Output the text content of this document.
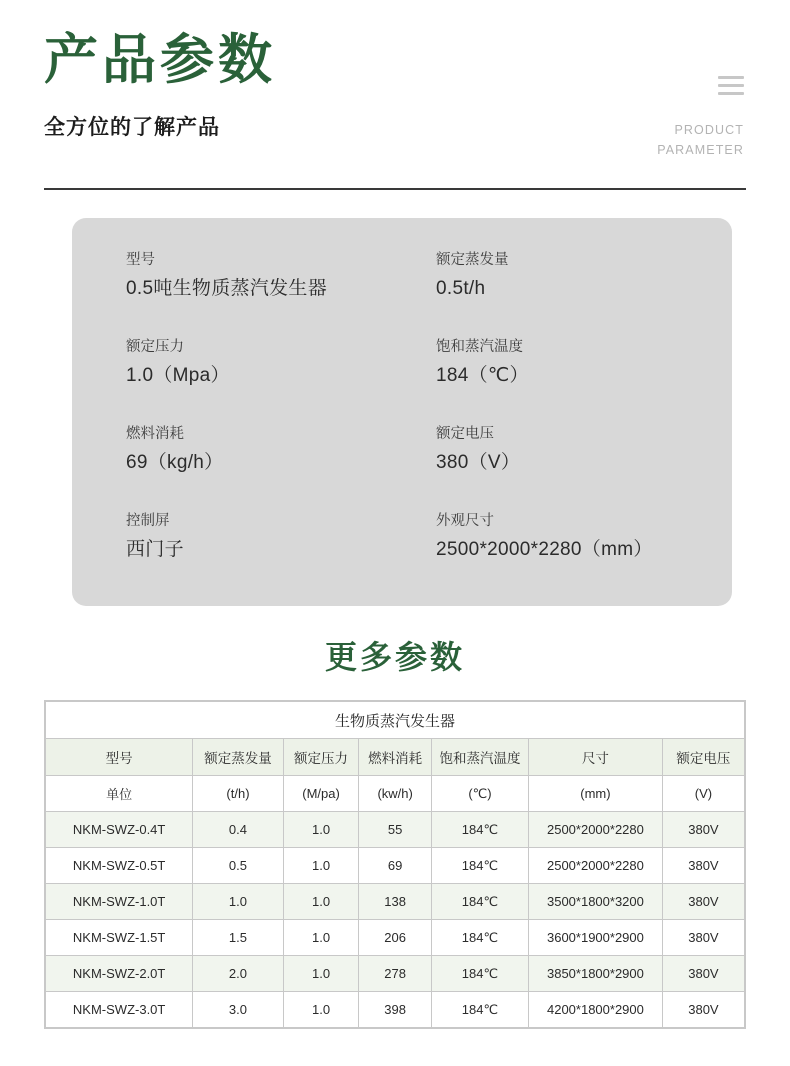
产品参数
全方位的了解产品	PRODUCT
PARAMETER
型号
0.5吨生物质蒸汽发生器
额定蒸发量
0.5t/h
额定压力
1.0（Mpa）
饱和蒸汽温度
184（℃）
燃料消耗
69（kg/h）
额定电压
380（V）
控制屏
西门子
外观尺寸
2500*2000*2280（mm）
更多参数
生物质蒸汽发生器						
型号	额定蒸发量	额定压力	燃料消耗	饱和蒸汽温度	尺寸	额定电压
单位	(t/h)	(M/pa)	(kw/h)	(℃)	(mm)	(V)
NKM-SWZ-0.4T	0.4	1.0	55	184℃	2500*2000*2280	380V
NKM-SWZ-0.5T	0.5	1.0	69	184℃	2500*2000*2280	380V
NKM-SWZ-1.0T	1.0	1.0	138	184℃	3500*1800*3200	380V
NKM-SWZ-1.5T	1.5	1.0	206	184℃	3600*1900*2900	380V
NKM-SWZ-2.0T	2.0	1.0	278	184℃	3850*1800*2900	380V
NKM-SWZ-3.0T	3.0	1.0	398	184℃	4200*1800*2900	380V
